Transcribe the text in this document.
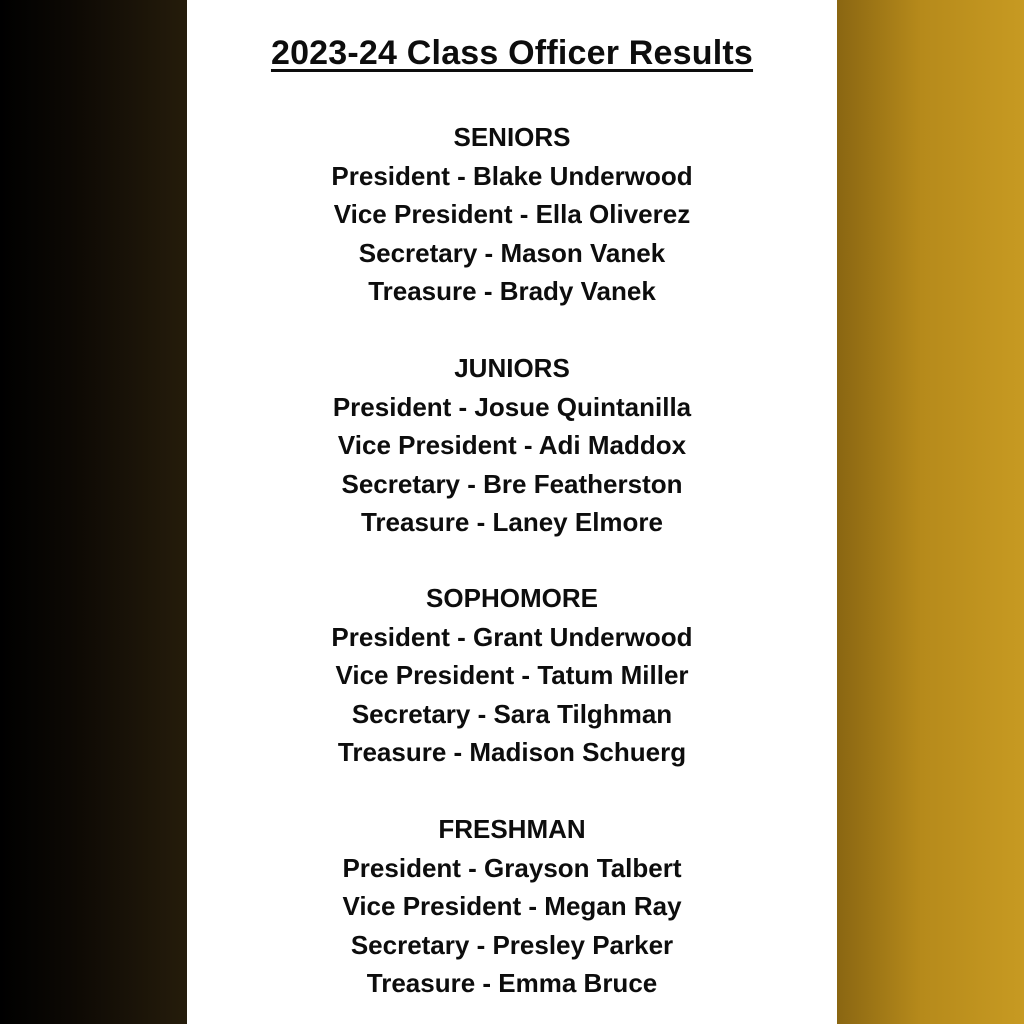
2023-24 Class Officer Results
SENIORS
President - Blake Underwood
Vice President - Ella Oliverez
Secretary - Mason Vanek
Treasure - Brady Vanek
JUNIORS
President - Josue Quintanilla
Vice President - Adi Maddox
Secretary - Bre Featherston
Treasure - Laney Elmore
SOPHOMORE
President - Grant Underwood
Vice President - Tatum Miller
Secretary - Sara Tilghman
Treasure - Madison Schuerg
FRESHMAN
President - Grayson Talbert
Vice President - Megan Ray
Secretary - Presley Parker
Treasure - Emma Bruce
